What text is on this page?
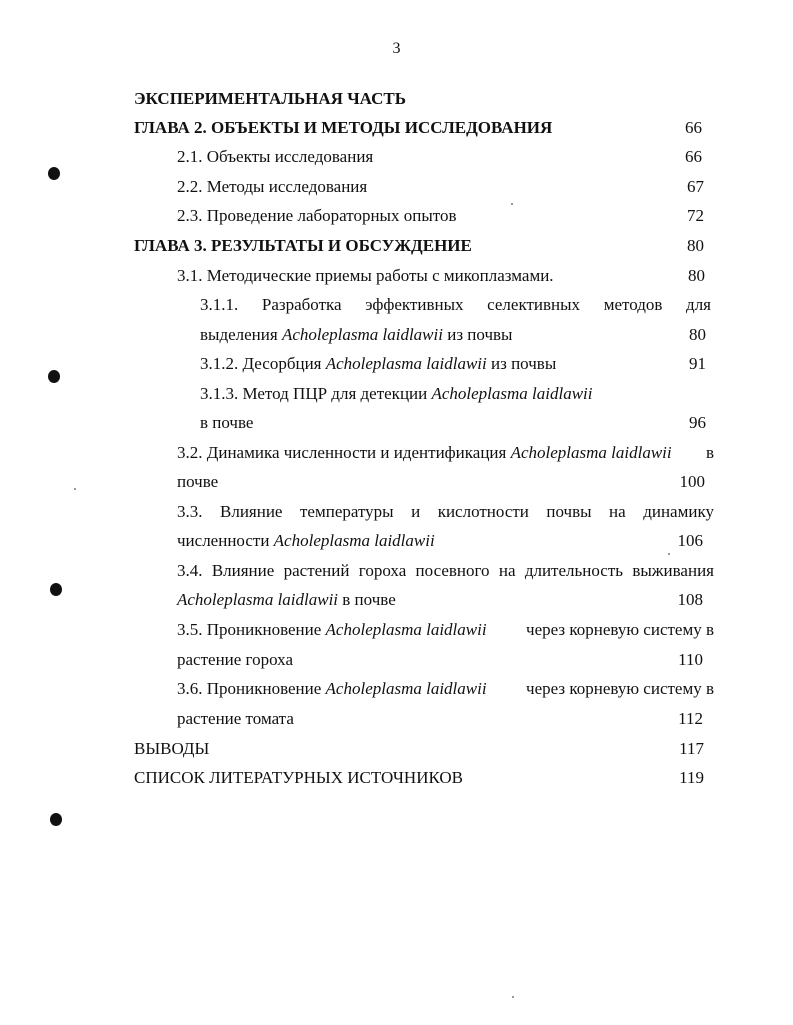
3
ЭКСПЕРИМЕНТАЛЬНАЯ ЧАСТЬ
ГЛАВА 2. ОБЪЕКТЫ И МЕТОДЫ ИССЛЕДОВАНИЯ	66
2.1. Объекты исследования	66
2.2. Методы исследования	67
2.3. Проведение лабораторных опытов	72
ГЛАВА 3. РЕЗУЛЬТАТЫ И ОБСУЖДЕНИЕ	80
3.1. Методические приемы работы с микоплазмами.	80
3.1.1. Разработка эффективных селективных методов для
выделения Acholeplasma laidlawii из почвы	80
3.1.2. Десорбция Acholeplasma laidlawii из почвы	91
3.1.3. Метод ПЦР для детекции Acholeplasma laidlawii
в почве	96
3.2. Динамика численности и идентификация Acholeplasma laidlawii в
почве	100
3.3. Влияние температуры и кислотности почвы на динамику
численности Acholeplasma laidlawii	106
3.4. Влияние растений гороха посевного на длительность выживания
Acholeplasma laidlawii в почве	108
3.5. Проникновение Acholeplasma laidlawii через корневую систему в
растение гороха	110
3.6. Проникновение Acholeplasma laidlawii через корневую систему в
растение томата	112
ВЫВОДЫ	117
СПИСОК ЛИТЕРАТУРНЫХ ИСТОЧНИКОВ	119
